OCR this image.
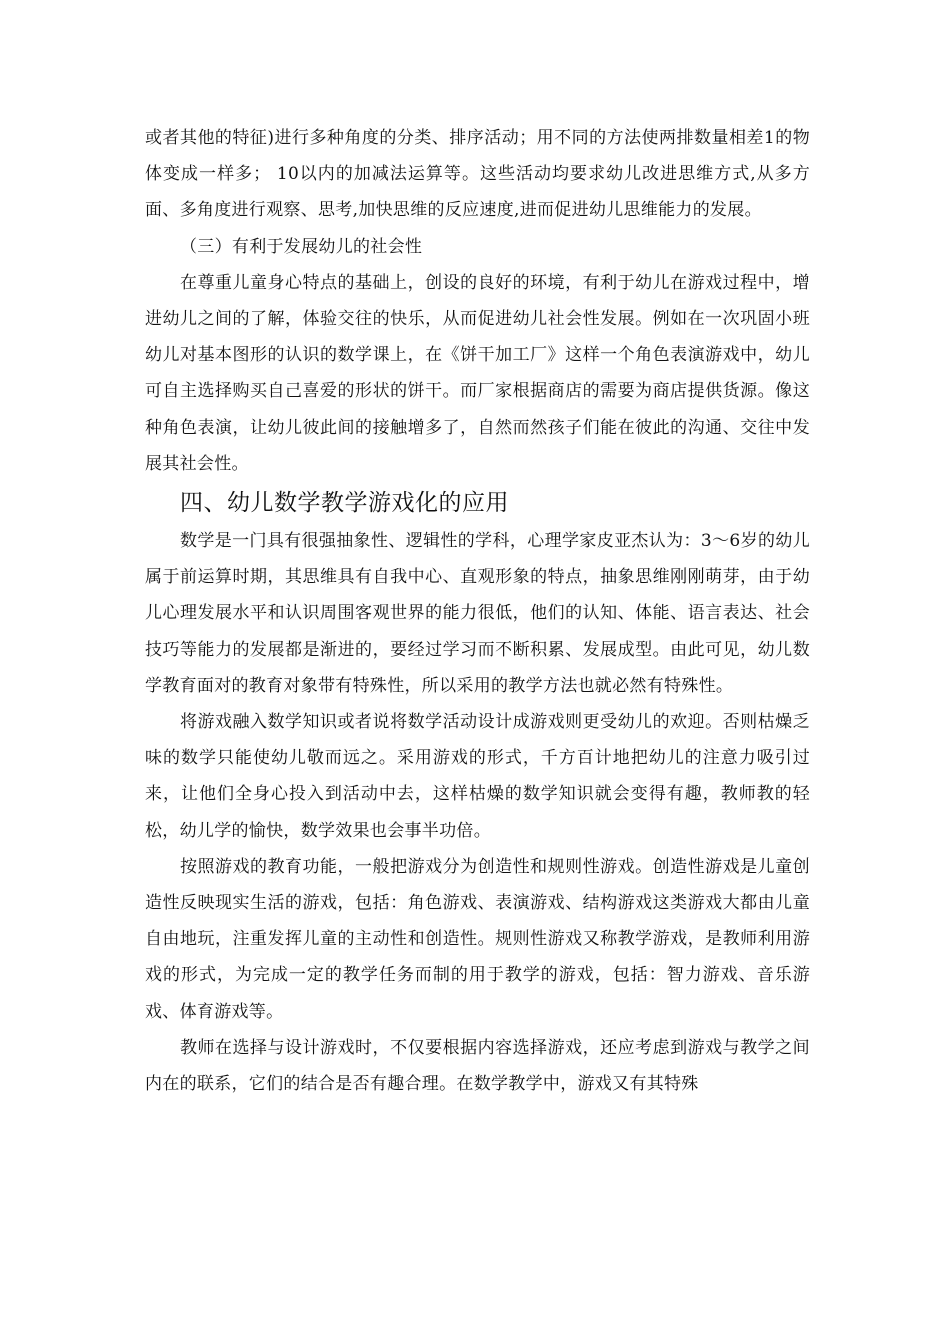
或者其他的特征)进行多种角度的分类、排序活动；用不同的方法使两排数量相差1的物体变成一样多； 10以内的加减法运算等。这些活动均要求幼儿改进思维方式,从多方面、多角度进行观察、思考,加快思维的反应速度,进而促进幼儿思维能力的发展。

（三）有利于发展幼儿的社会性

在尊重儿童身心特点的基础上，创设的良好的环境，有利于幼儿在游戏过程中，增进幼儿之间的了解，体验交往的快乐，从而促进幼儿社会性发展。例如在一次巩固小班幼儿对基本图形的认识的数学课上，在《饼干加工厂》这样一个角色表演游戏中，幼儿可自主选择购买自己喜爱的形状的饼干。而厂家根据商店的需要为商店提供货源。像这种角色表演，让幼儿彼此间的接触增多了，自然而然孩子们能在彼此的沟通、交往中发展其社会性。

四、幼儿数学教学游戏化的应用

数学是一门具有很强抽象性、逻辑性的学科，心理学家皮亚杰认为：3～6岁的幼儿属于前运算时期，其思维具有自我中心、直观形象的特点，抽象思维刚刚萌芽，由于幼儿心理发展水平和认识周围客观世界的能力很低，他们的认知、体能、语言表达、社会技巧等能力的发展都是渐进的，要经过学习而不断积累、发展成型。由此可见，幼儿数学教育面对的教育对象带有特殊性，所以采用的教学方法也就必然有特殊性。

将游戏融入数学知识或者说将数学活动设计成游戏则更受幼儿的欢迎。否则枯燥乏味的数学只能使幼儿敬而远之。采用游戏的形式，千方百计地把幼儿的注意力吸引过来，让他们全身心投入到活动中去，这样枯燥的数学知识就会变得有趣，教师教的轻松，幼儿学的愉快，数学效果也会事半功倍。

按照游戏的教育功能，一般把游戏分为创造性和规则性游戏。创造性游戏是儿童创造性反映现实生活的游戏，包括：角色游戏、表演游戏、结构游戏这类游戏大都由儿童自由地玩，注重发挥儿童的主动性和创造性。规则性游戏又称教学游戏，是教师利用游戏的形式，为完成一定的教学任务而制的用于教学的游戏，包括：智力游戏、音乐游戏、体育游戏等。

教师在选择与设计游戏时，不仅要根据内容选择游戏，还应考虑到游戏与教学之间内在的联系，它们的结合是否有趣合理。在数学教学中，游戏又有其特殊
